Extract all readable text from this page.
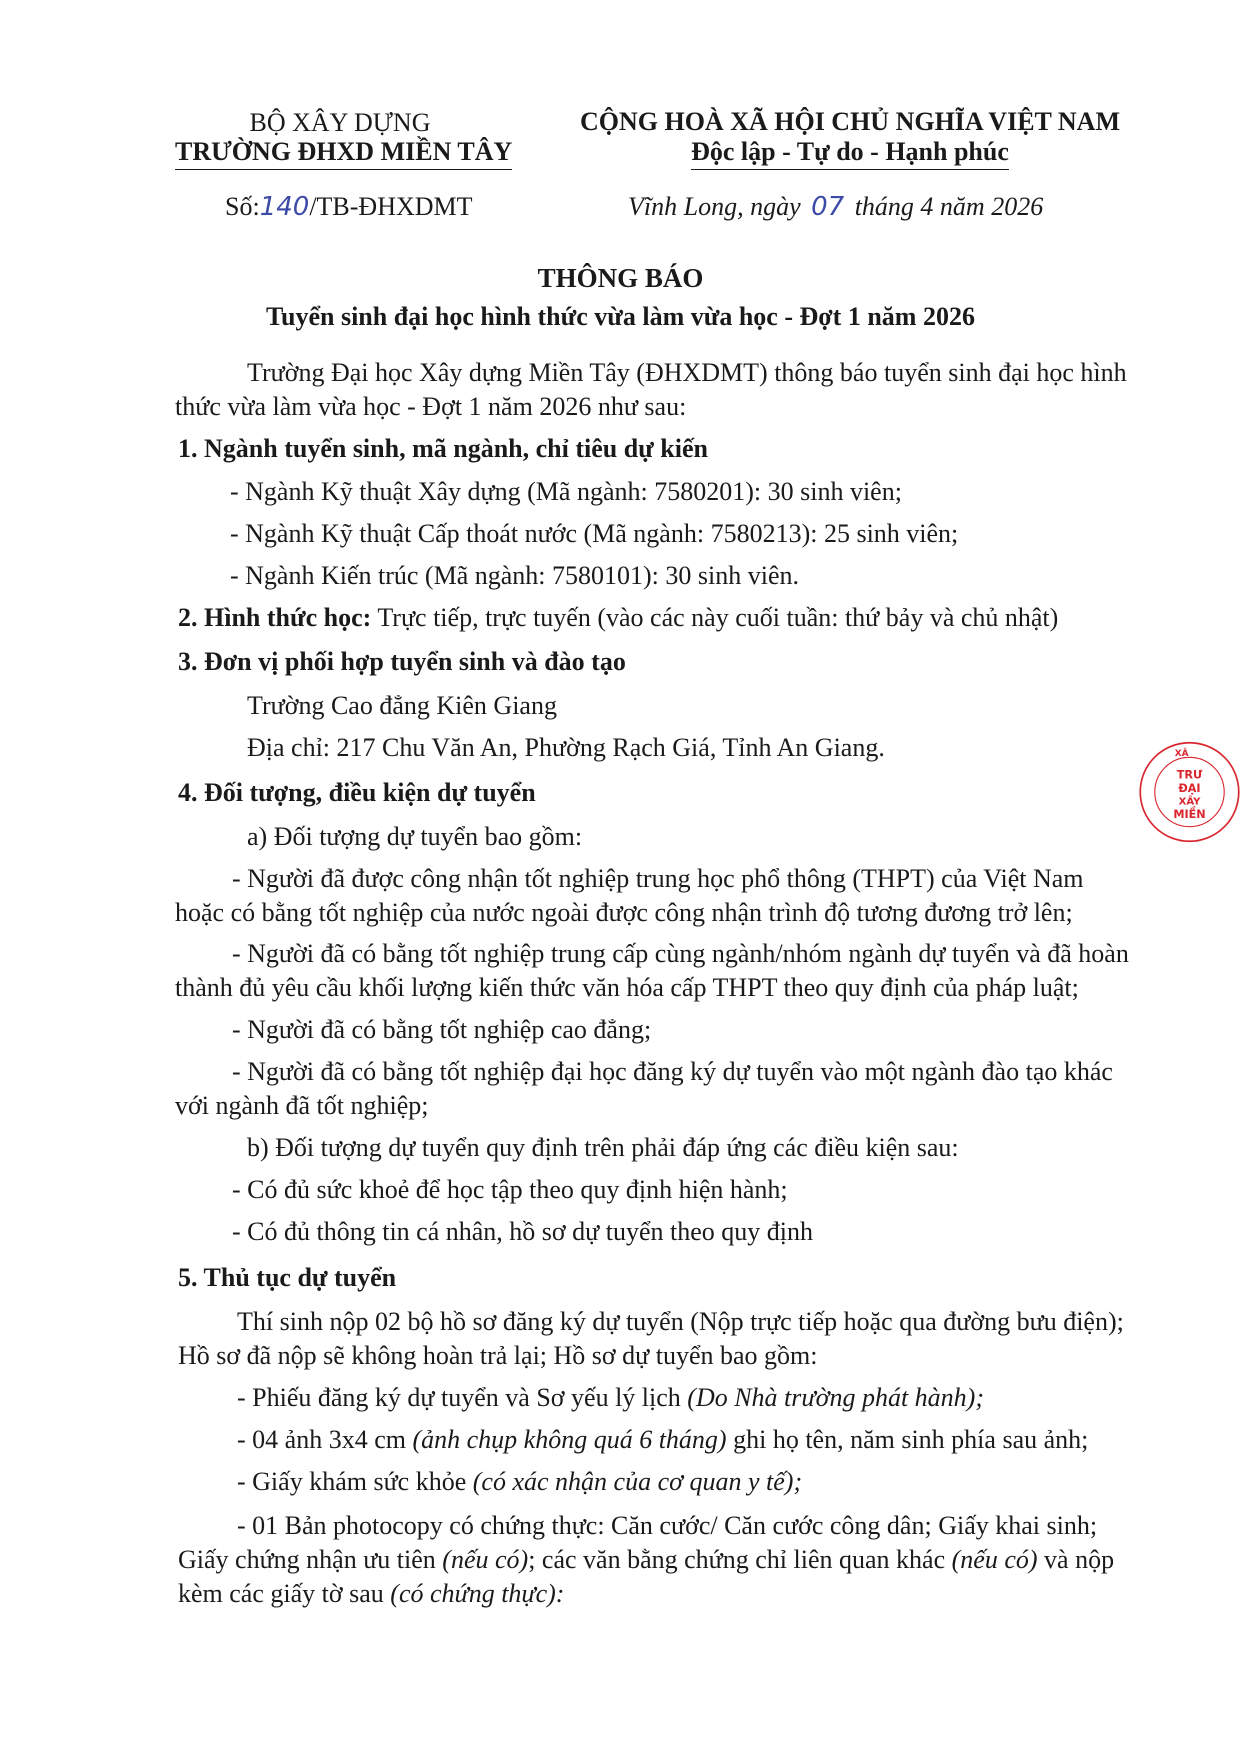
BỘ XÂY DỰNG
TRƯỜNG ĐHXD MIỀN TÂY
CỘNG HOÀ XÃ HỘI CHỦ NGHĨA VIỆT NAM
Độc lập - Tự do - Hạnh phúc
Số:140/TB-ĐHXDMT	Vĩnh Long, ngày 07 tháng 4 năm 2026
THÔNG BÁO
Tuyển sinh đại học hình thức vừa làm vừa học - Đợt 1 năm 2026
Trường Đại học Xây dựng Miền Tây (ĐHXDMT) thông báo tuyển sinh đại học hình
thức vừa làm vừa học - Đợt 1 năm 2026 như sau:
1. Ngành tuyển sinh, mã ngành, chỉ tiêu dự kiến
- Ngành Kỹ thuật Xây dựng (Mã ngành: 7580201): 30 sinh viên;
- Ngành Kỹ thuật Cấp thoát nước (Mã ngành: 7580213): 25 sinh viên;
- Ngành Kiến trúc (Mã ngành: 7580101): 30 sinh viên.
2. Hình thức học: Trực tiếp, trực tuyến (vào các này cuối tuần: thứ bảy và chủ nhật)
3. Đơn vị phối hợp tuyển sinh và đào tạo
Trường Cao đẳng Kiên Giang
Địa chỉ: 217 Chu Văn An, Phường Rạch Giá, Tỉnh An Giang.
4. Đối tượng, điều kiện dự tuyển
a) Đối tượng dự tuyển bao gồm:
- Người đã được công nhận tốt nghiệp trung học phổ thông (THPT) của Việt Nam
hoặc có bằng tốt nghiệp của nước ngoài được công nhận trình độ tương đương trở lên;
- Người đã có bằng tốt nghiệp trung cấp cùng ngành/nhóm ngành dự tuyển và đã hoàn
thành đủ yêu cầu khối lượng kiến thức văn hóa cấp THPT theo quy định của pháp luật;
- Người đã có bằng tốt nghiệp cao đẳng;
- Người đã có bằng tốt nghiệp đại học đăng ký dự tuyển vào một ngành đào tạo khác
với ngành đã tốt nghiệp;
b) Đối tượng dự tuyển quy định trên phải đáp ứng các điều kiện sau:
- Có đủ sức khoẻ để học tập theo quy định hiện hành;
- Có đủ thông tin cá nhân, hồ sơ dự tuyển theo quy định
5. Thủ tục dự tuyển
Thí sinh nộp 02 bộ hồ sơ đăng ký dự tuyển (Nộp trực tiếp hoặc qua đường bưu điện);
Hồ sơ đã nộp sẽ không hoàn trả lại; Hồ sơ dự tuyển bao gồm:
- Phiếu đăng ký dự tuyển và Sơ yếu lý lịch (Do Nhà trường phát hành);
- 04 ảnh 3x4 cm (ảnh chụp không quá 6 tháng) ghi họ tên, năm sinh phía sau ảnh;
- Giấy khám sức khỏe (có xác nhận của cơ quan y tế);
- 01 Bản photocopy có chứng thực: Căn cước/ Căn cước công dân; Giấy khai sinh;
Giấy chứng nhận ưu tiên (nếu có); các văn bằng chứng chỉ liên quan khác (nếu có) và nộp
kèm các giấy tờ sau (có chứng thực):
XÂ
TRƯ
ĐẠI
XÂY
MIỀN
